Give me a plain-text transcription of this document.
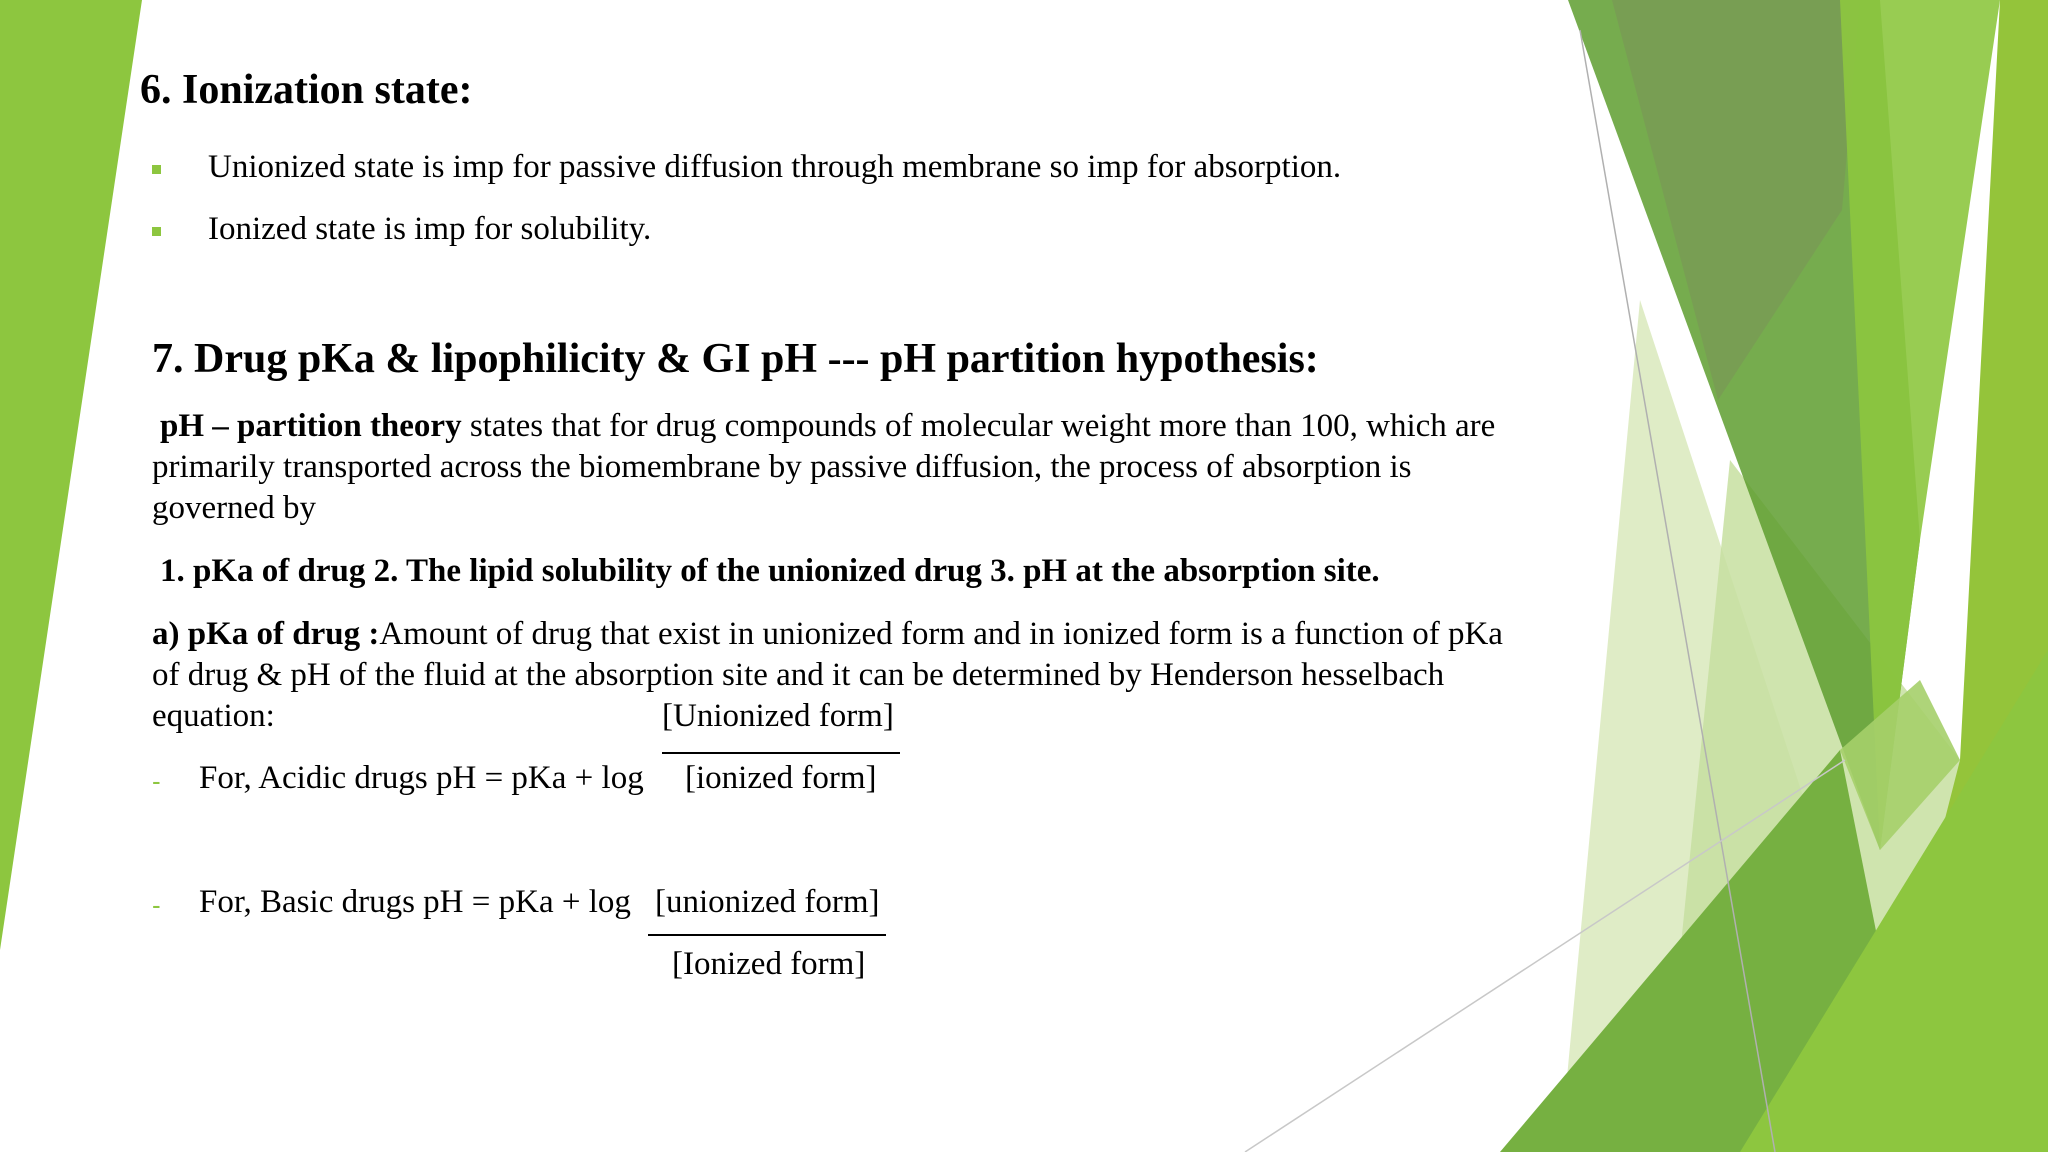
6. Ionization state:
Unionized state is imp for passive diffusion through membrane so imp for absorption.
Ionized state is imp for solubility.
7. Drug pKa & lipophilicity & GI pH --- pH partition hypothesis:
pH – partition theory states that for drug compounds of molecular weight more than 100, which are
primarily transported across the biomembrane by passive diffusion, the process of absorption is
governed by
1. pKa of drug 2. The lipid solubility of the unionized drug 3. pH at the absorption site.
a) pKa of drug :Amount of drug that exist in unionized form and in ionized form is a function of pKa
of drug & pH of the fluid at the absorption site and it can be determined by Henderson hesselbach
equation:	[Unionized form]
- For, Acidic drugs pH = pKa + log [ionized form]
- For, Basic drugs pH = pKa + log [unionized form]
[Ionized form]
